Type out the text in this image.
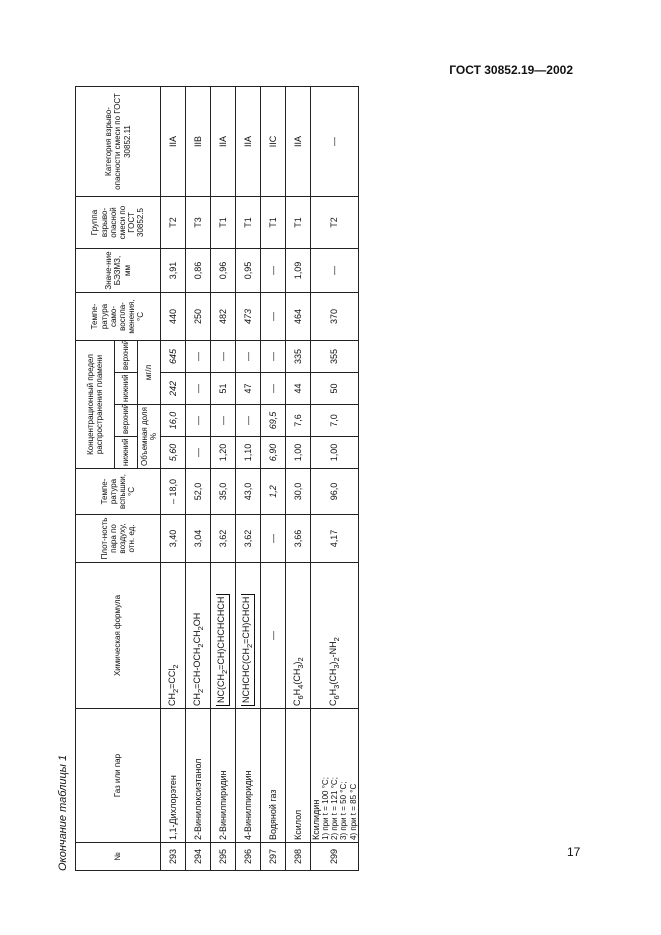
ГОСТ 30852.19—2002
17
Окончание таблицы 1	№	Газ или пар	Химическая формула	Плот-ность пара по воздуху, отн. ед.	Темпе-ратура вспышки, °С	Концентрационный предел распространения пламени				Темпе-ратура само-воспла-менения, °С	Значе-ние БЭЗМЗ, мм	Группа взрыво-опасной смеси по ГОСТ 30852.5	Категория взрыво-опасности смеси по ГОСТ 30852.11
					нижний	верхний	нижний	верхний				
					Объемная доля %		мг/л					
293	1,1-Дихлорэтен	$CH_2=CCl_2$	3,40	– 18,0	5,60	16,0	242	645	440	3,91	Т2	IIA
294	2-Винилоксиэтанол	$CH_2=CH-OCH_2CH_2OH$	3,04	52,0	—	—	—	—	250	0,86	Т3	IIB
295	2-Винилпиридин	$NC(CH_2=CH)CHCHCHCH$	3,62	35,0	1,20	—	51	—	482	0,96	Т1	IIA
296	4-Винилпиридин	$NCHCHC(CH_2=CH)CHCH$	3,62	43,0	1,10	—	47	—	473	0,95	Т1	IIA
297	Водяной газ	—	—	1,2	6,90	69,5	—	—	—	—	Т1	IIC
298	Ксилол	$C_6H_4(CH_3)_2$	3,66	30,0	1,00	7,6	44	335	464	1,09	Т1	IIA
299	Ксилидин 1) при t = 100 °C; 2) при t = 121 °C; 3) при t = 50 °C; 4) при t = 85 °C	$C_6H_3(CH_3)_2-NH_2$	4,17	96,0	1,00	7,0	50	355	370	—	Т2	—
